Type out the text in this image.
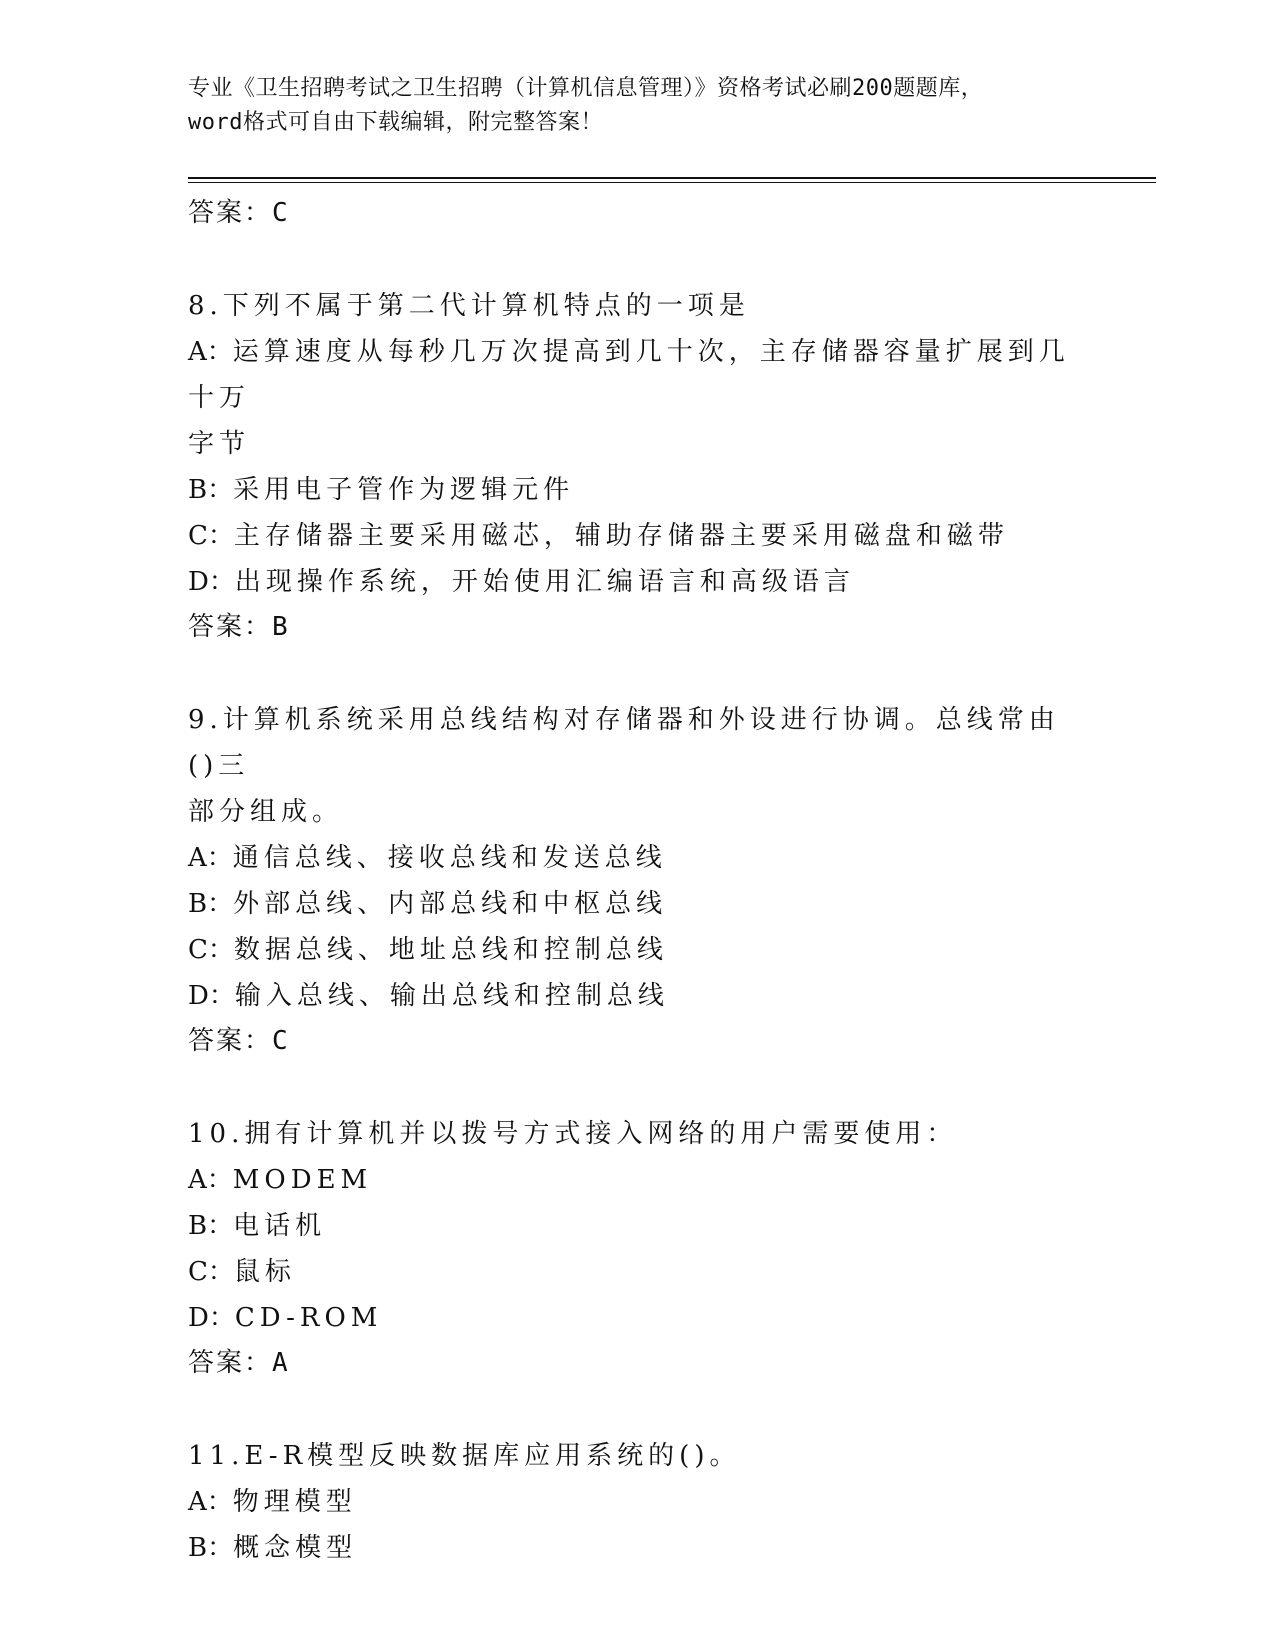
专业《卫生招聘考试之卫生招聘（计算机信息管理）》资格考试必刷200题题库，
word格式可自由下载编辑，附完整答案！
答案：C
8.下列不属于第二代计算机特点的一项是
A：运算速度从每秒几万次提高到几十次，主存储器容量扩展到几十万
字节
B：采用电子管作为逻辑元件
C：主存储器主要采用磁芯，辅助存储器主要采用磁盘和磁带
D：出现操作系统，开始使用汇编语言和高级语言
答案：B
9.计算机系统采用总线结构对存储器和外设进行协调。总线常由()三
部分组成。
A：通信总线、接收总线和发送总线
B：外部总线、内部总线和中枢总线
C：数据总线、地址总线和控制总线
D：输入总线、输出总线和控制总线
答案：C
10.拥有计算机并以拨号方式接入网络的用户需要使用：
A：MODEM
B：电话机
C：鼠标
D：CD-ROM
答案：A
11.E-R模型反映数据库应用系统的()。
A：物理模型
B：概念模型
